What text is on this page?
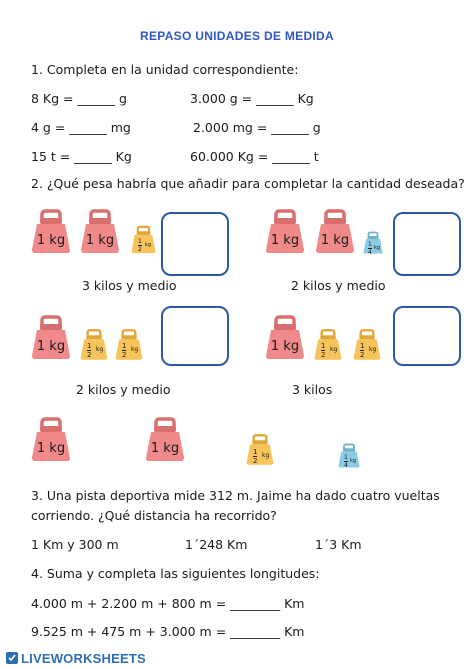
REPASO UNIDADES DE MEDIDA
1. Completa en la unidad correspondiente:
8 Kg = ______ g	3.000 g = ______ Kg
4 g = ______ mg	2.000 mg = ______ g
15 t = ______ Kg	60.000 Kg = ______ t
2. ¿Qué pesa habría que añadir para completar la cantidad deseada?
1 kg	1 kg	$\frac{1}{2}$ kg	1 kg	1 kg
$\frac{1}{4}$ kg
1 kg	$\frac{1}{2}$ kg	$\frac{1}{2}$ kg	1 kg	$\frac{1}{2}$ kg	$\frac{1}{2}$ kg
1 kg	1 kg	$\frac{1}{2}$ kg	$\frac{1}{4}$ kg
3 kilos y medio	2 kilos y medio
2 kilos y medio	3 kilos
3. Una pista deportiva mide 312 m. Jaime ha dado cuatro vueltas
corriendo. ¿Qué distancia ha recorrido?
1 Km y 300 m	1´248 Km	1´3 Km
4. Suma y completa las siguientes longitudes:
4.000 m + 2.200 m + 800 m = ________ Km
9.525 m + 475 m + 3.000 m = ________ Km
LIVEWORKSHEETS
